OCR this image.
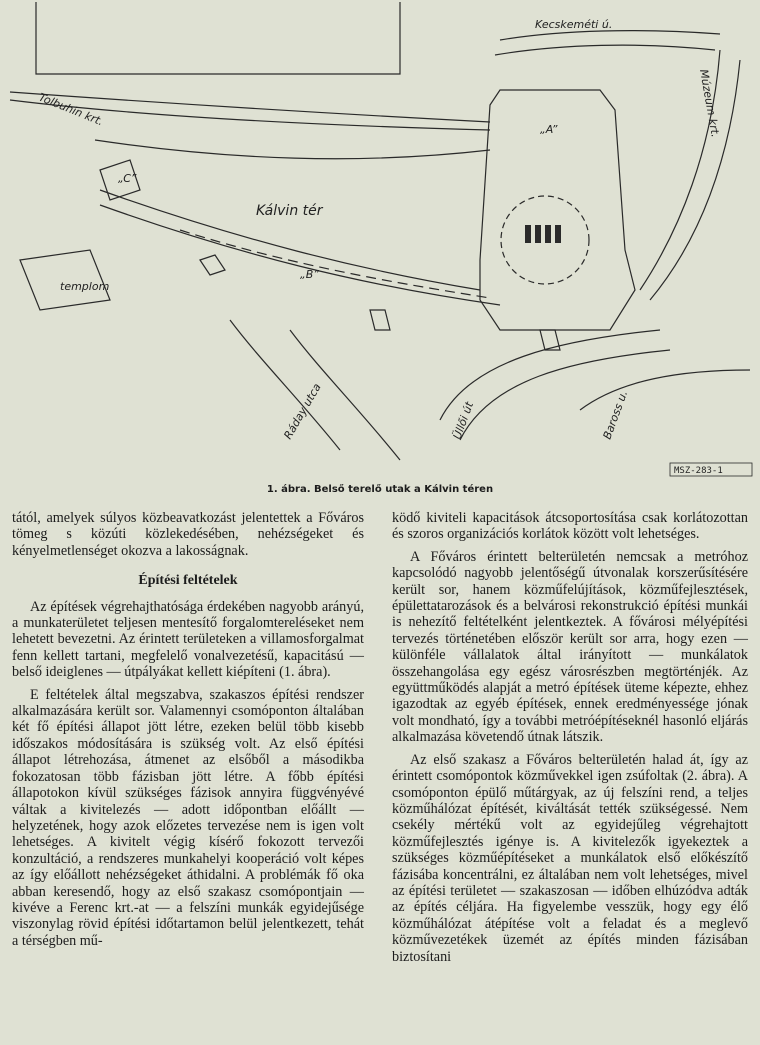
Kecskeméti ú.
Múzeum krt.
Tolbuhin krt.
Kálvin tér
templom
Ráday utca	Üllői út	Baross u.
„A”
„B”
„C”
MSZ-283-1
1. ábra. Belső terelő utak a Kálvin téren

tától, amelyek súlyos közbeavatkozást jelentettek a Főváros tömeg s közúti közlekedésében, nehézségeket és kényelmetlenséget okozva a lakosságnak.

Építési feltételek

Az építések végrehajthatósága érdekében nagyobb arányú, a munkaterületet teljesen mentesítő forgalomtereléseket nem lehetett bevezetni. Az érintett területeken a villamosforgalmat fenn kellett tartani, megfelelő vonalvezetésű, kapacitású — belső ideiglenes — útpályákat kellett kiépíteni (1. ábra).

E feltételek által megszabva, szakaszos építési rendszer alkalmazására került sor. Valamennyi csomóponton általában két fő építési állapot jött létre, ezeken belül több kisebb időszakos módosítására is szükség volt. Az első építési állapot létrehozása, átmenet az elsőből a másodikba fokozatosan több fázisban jött létre. A főbb építési állapotokon kívül szükséges fázisok annyira függvényévé váltak a kivitelezés — adott időpontban előállt — helyzetének, hogy azok előzetes tervezése nem is igen volt lehetséges. A kivitelt végig kísérő fokozott tervezői konzultáció, a rendszeres munkahelyi kooperáció volt képes az így előállott nehézségeket áthidalni. A problémák fő oka abban keresendő, hogy az első szakasz csomópontjain — kivéve a Ferenc krt.-at — a felszíni munkák egyidejűsége viszonylag rövid építési időtartamon belül jelentkezett, tehát a térségben mű-

ködő kiviteli kapacitások átcsoportosítása csak korlátozottan és szoros organizációs korlátok között volt lehetséges.

A Főváros érintett belterületén nemcsak a metróhoz kapcsolódó nagyobb jelentőségű útvonalak korszerűsítésére került sor, hanem közműfelújítások, közműfejlesztések, épülettatarozások és a belvárosi rekonstrukció építési munkái is nehezítő feltételként jelentkeztek. A fővárosi mélyépítési tervezés történetében először került sor arra, hogy ezen — különféle vállalatok által irányított — munkálatok összehangolása egy egész városrészben megtörténjék. Az együttműködés alapját a metró építések üteme képezte, ehhez igazodtak az egyéb építések, ennek eredményessége jónak volt mondható, így a további metróépítéseknél hasonló eljárás alkalmazása követendő útnak látszik.

Az első szakasz a Főváros belterületén halad át, így az érintett csomópontok közművekkel igen zsúfoltak (2. ábra). A csomóponton épülő műtárgyak, az új felszíni rend, a teljes közműhálózat építését, kiváltását tették szükségessé. Nem csekély mértékű volt az egyidejűleg végrehajtott közműfejlesztés igénye is. A kivitelezők igyekeztek a szükséges közműépítéseket a munkálatok első előkészítő fázisába koncentrálni, ez általában nem volt lehetséges, mivel az építési területet — szakaszosan — időben elhúzódva adták az építés céljára. Ha figyelembe vesszük, hogy egy élő közműhálózat átépítése volt a feladat és a meglevő közművezetékek üzemét az építés minden fázisában biztosítani
